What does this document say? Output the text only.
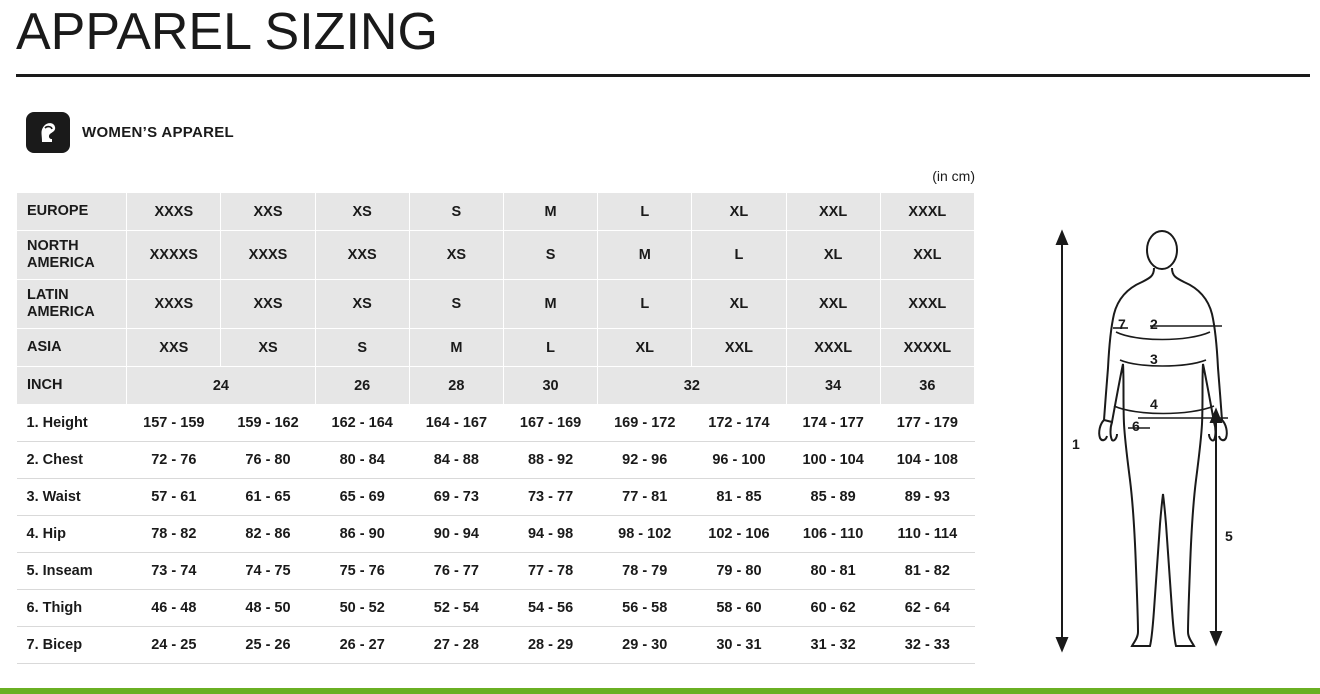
APPAREL SIZING
WOMEN’S APPAREL
(in cm)
EUROPE	XXXS	XXS	XS	S	M	L	XL	XXL	XXXL
NORTH
AMERICA	XXXXS	XXXS	XXS	XS	S	M	L	XL	XXL
LATIN
AMERICA	XXXS	XXS	XS	S	M	L	XL	XXL	XXXL
ASIA	XXS	XS	S	M	L	XL	XXL	XXXL	XXXXL
INCH	24		26	28	30	32		34	36
1. Height	157 - 159	159 - 162	162 - 164	164 - 167	167 - 169	169 - 172	172 - 174	174 - 177	177 - 179
2. Chest	72 - 76	76 - 80	80 - 84	84 - 88	88 - 92	92 - 96	96 - 100	100 - 104	104 - 108
3. Waist	57 - 61	61 - 65	65 - 69	69 - 73	73 - 77	77 - 81	81 - 85	85 - 89	89 - 93
4. Hip	78 - 82	82 - 86	86 - 90	90 - 94	94 - 98	98 - 102	102 - 106	106 - 110	110 - 114
5. Inseam	73 - 74	74 - 75	75 - 76	76 - 77	77 - 78	78 - 79	79 - 80	80 - 81	81 - 82
6. Thigh	46 - 48	48 - 50	50 - 52	52 - 54	54 - 56	56 - 58	58 - 60	60 - 62	62 - 64
7. Bicep	24 - 25	25 - 26	26 - 27	27 - 28	28 - 29	29 - 30	30 - 31	31 - 32	32 - 33
1
2
3
4
5
6
7
